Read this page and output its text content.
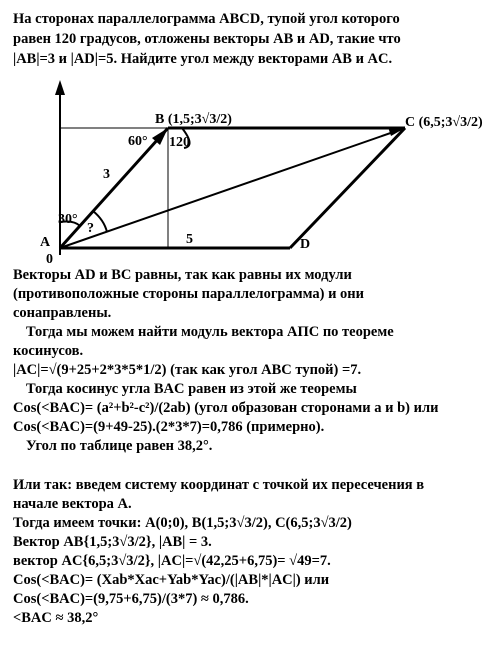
На сторонах параллелограмма ABCD, тупой угол которого

равен 120 градусов, отложены векторы AB и AD, такие что

|AB|=3 и |AD|=5. Найдите угол между векторами AB и AC.

A
0
B (1,5;3√3/2)	C (6,5;3√3/2)
D
3
5
60° 120
30°
?

Векторы AD и BC равны, так как равны их модули

(противоположные стороны параллелограмма) и они

сонаправлены.

Тогда мы можем найти модуль вектора AПС по теореме

косинусов.

|AC|=√(9+25+2*3*5*1/2) (так как угол ABC тупой) =7.

Тогда косинус угла BAC равен из этой же теоремы

Cos(<BAC)= (a²+b²-c²)/(2ab) (угол образован сторонами a и b) или

Cos(<BAC)=(9+49-25).(2*3*7)=0,786 (примерно).

Угол по таблице равен 38,2°.

Или так: введем систему координат с точкой их пересечения в

начале вектора А.

Тогда имеем точки: A(0;0), B(1,5;3√3/2), C(6,5;3√3/2)

Вектор AB{1,5;3√3/2}, |AB| = 3.

вектор AC{6,5;3√3/2}, |AC|=√(42,25+6,75)= √49=7.

Cos(<BAC)= (Xab*Xac+Yab*Yac)/(|AB|*|AC|) или

Cos(<BAC)=(9,75+6,75)/(3*7) ≈ 0,786.

<BAC ≈ 38,2°
